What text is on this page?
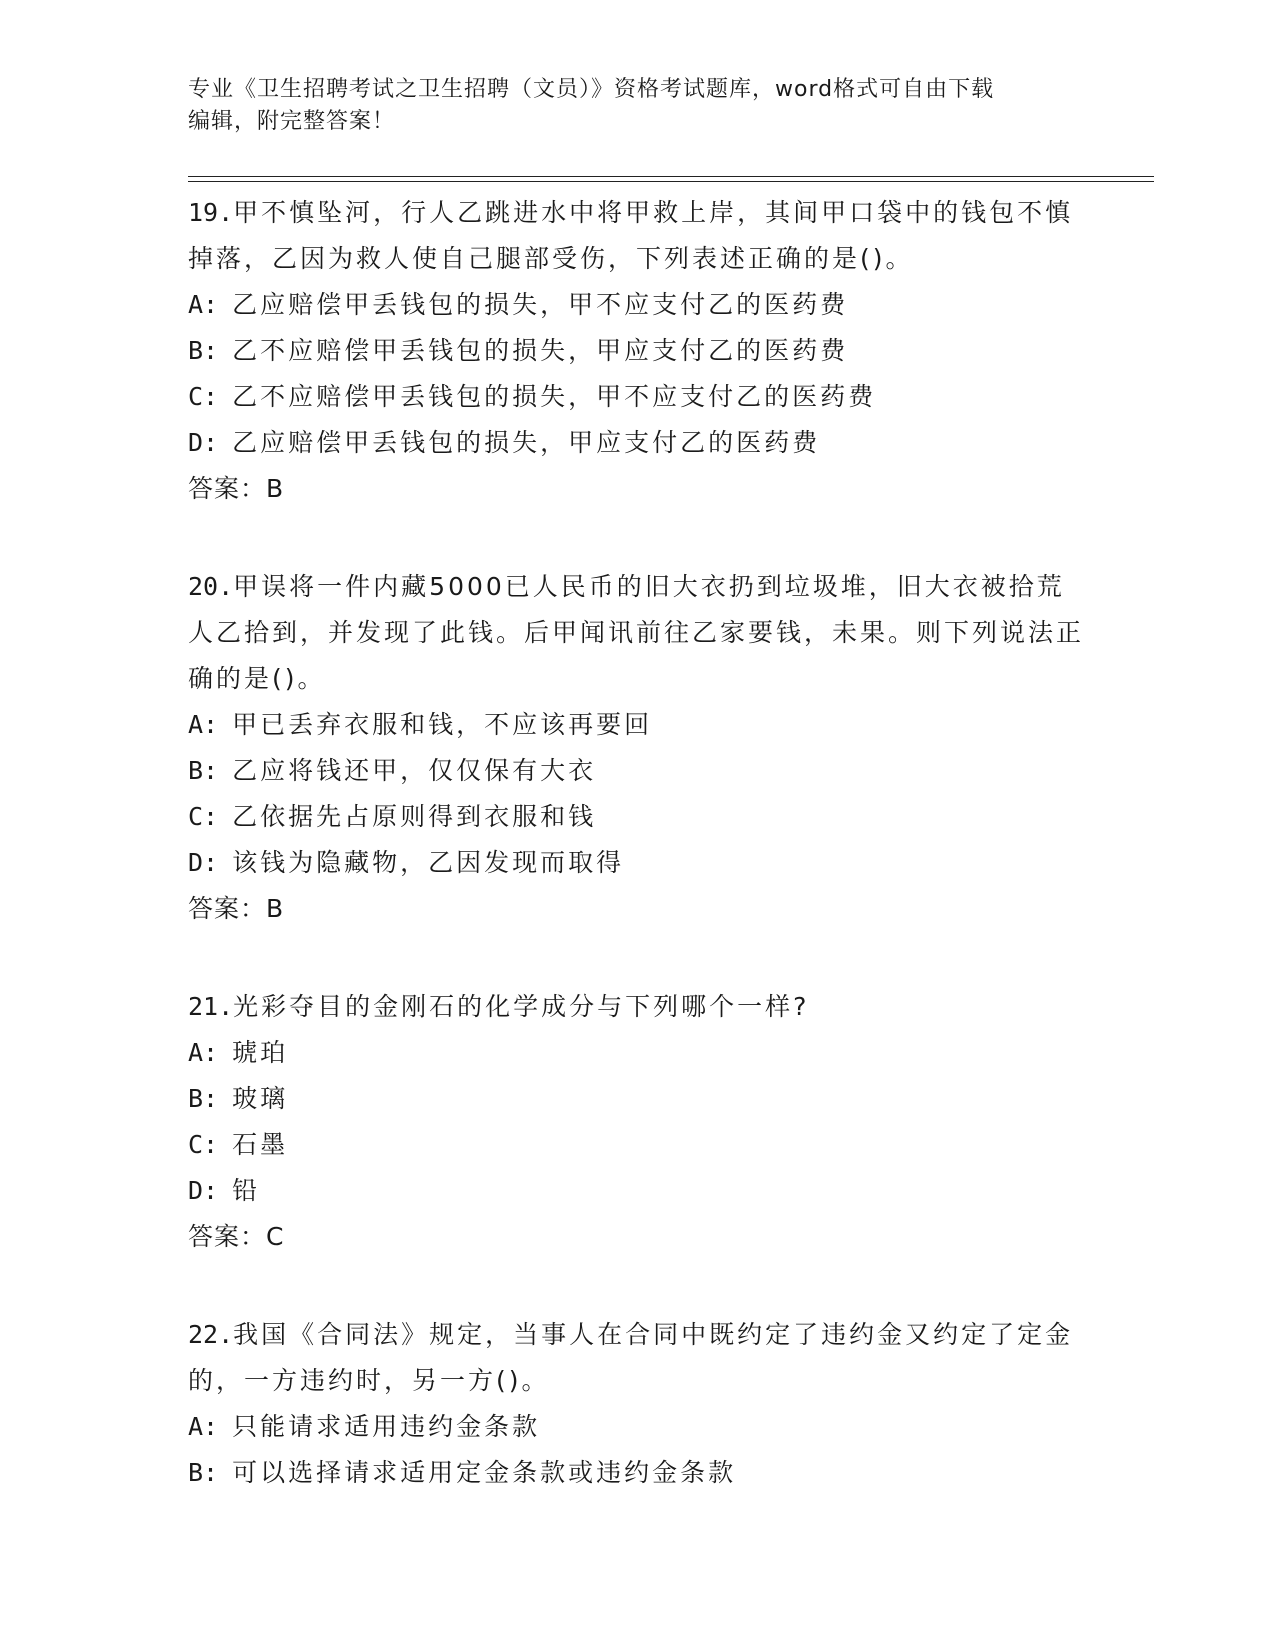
专业《卫生招聘考试之卫生招聘（文员）》资格考试题库，word格式可自由下载
编辑，附完整答案！
19.甲不慎坠河，行人乙跳进水中将甲救上岸，其间甲口袋中的钱包不慎掉落，乙因为救人使自己腿部受伤，下列表述正确的是()。
A: 乙应赔偿甲丢钱包的损失，甲不应支付乙的医药费
B: 乙不应赔偿甲丢钱包的损失，甲应支付乙的医药费
C: 乙不应赔偿甲丢钱包的损失，甲不应支付乙的医药费
D: 乙应赔偿甲丢钱包的损失，甲应支付乙的医药费
答案：B
20.甲误将一件内藏5000已人民币的旧大衣扔到垃圾堆，旧大衣被拾荒人乙拾到，并发现了此钱。后甲闻讯前往乙家要钱，未果。则下列说法正确的是()。
A: 甲已丢弃衣服和钱，不应该再要回
B: 乙应将钱还甲，仅仅保有大衣
C: 乙依据先占原则得到衣服和钱
D: 该钱为隐藏物，乙因发现而取得
答案：B
21.光彩夺目的金刚石的化学成分与下列哪个一样?
A: 琥珀
B: 玻璃
C: 石墨
D: 铅
答案：C
22.我国《合同法》规定，当事人在合同中既约定了违约金又约定了定金的，一方违约时，另一方()。
A: 只能请求适用违约金条款
B: 可以选择请求适用定金条款或违约金条款
